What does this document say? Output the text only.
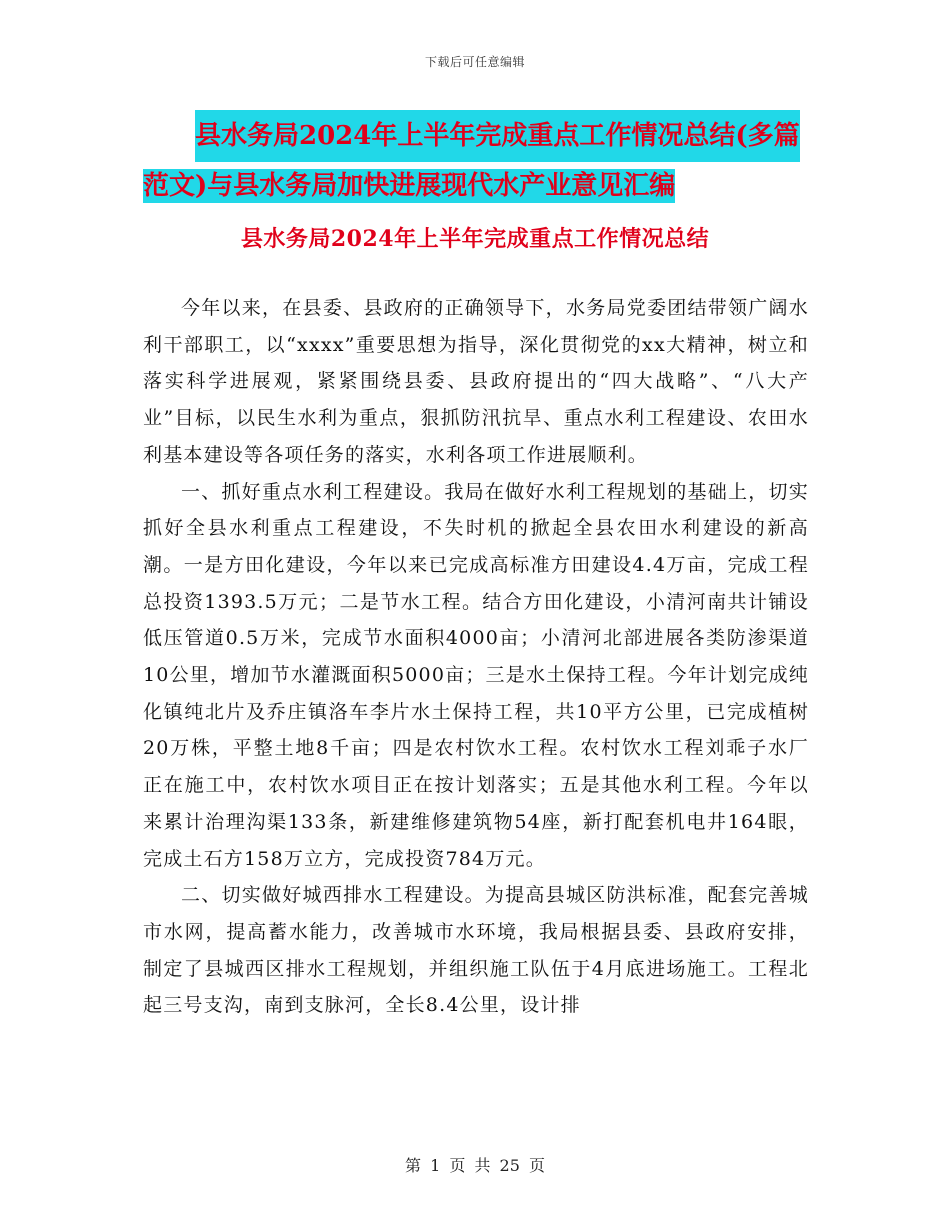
下载后可任意编辑
县水务局2024年上半年完成重点工作情况总结(多篇
范文)与县水务局加快进展现代水产业意见汇编
县水务局2024年上半年完成重点工作情况总结

今年以来，在县委、县政府的正确领导下，水务局党委团结带领广阔水利干部职工，以“xxxx”重要思想为指导，深化贯彻党的xx大精神，树立和落实科学进展观，紧紧围绕县委、县政府提出的“四大战略”、“八大产业”目标，以民生水利为重点，狠抓防汛抗旱、重点水利工程建设、农田水利基本建设等各项任务的落实，水利各项工作进展顺利。

一、抓好重点水利工程建设。我局在做好水利工程规划的基础上，切实抓好全县水利重点工程建设，不失时机的掀起全县农田水利建设的新高潮。一是方田化建设，今年以来已完成高标准方田建设4.4万亩，完成工程总投资1393.5万元；二是节水工程。结合方田化建设，小清河南共计铺设低压管道0.5万米，完成节水面积4000亩；小清河北部进展各类防渗渠道10公里，增加节水灌溉面积5000亩；三是水土保持工程。今年计划完成纯化镇纯北片及乔庄镇洛车李片水土保持工程，共10平方公里，已完成植树20万株，平整土地8千亩；四是农村饮水工程。农村饮水工程刘乖子水厂正在施工中，农村饮水项目正在按计划落实；五是其他水利工程。今年以来累计治理沟渠133条，新建维修建筑物54座，新打配套机电井164眼，完成土石方158万立方，完成投资784万元。

二、切实做好城西排水工程建设。为提高县城区防洪标准，配套完善城市水网，提高蓄水能力，改善城市水环境，我局根据县委、县政府安排，制定了县城西区排水工程规划，并组织施工队伍于4月底进场施工。工程北起三号支沟，南到支脉河，全长8.4公里，设计排

第 1 页 共 25 页
